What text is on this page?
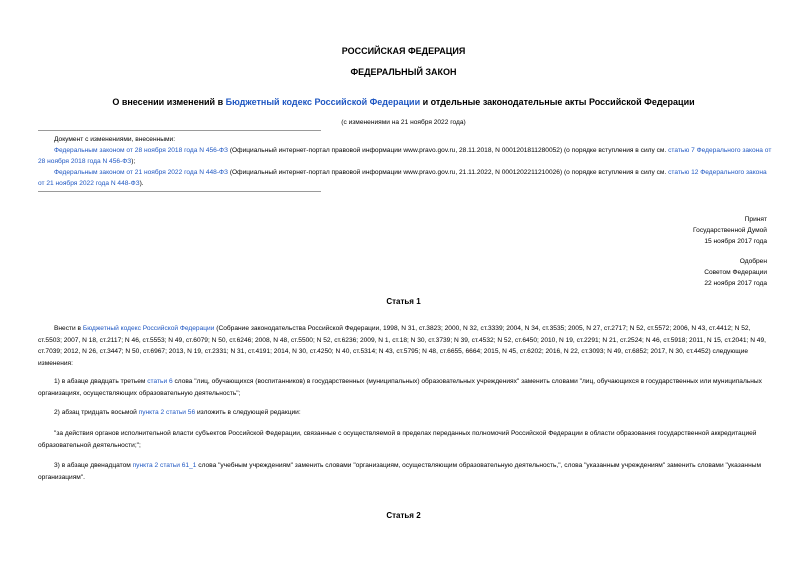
РОССИЙСКАЯ ФЕДЕРАЦИЯ
ФЕДЕРАЛЬНЫЙ ЗАКОН
О внесении изменений в Бюджетный кодекс Российской Федерации и отдельные законодательные акты Российской Федерации
(с изменениями на 21 ноября 2022 года)
Документ с изменениями, внесенными:
Федеральным законом от 28 ноября 2018 года N 456-ФЗ (Официальный интернет-портал правовой информации www.pravo.gov.ru, 28.11.2018, N 0001201811280052) (о порядке вступления в силу см. статью 7 Федерального закона от 28 ноября 2018 года N 456-ФЗ);
Федеральным законом от 21 ноября 2022 года N 448-ФЗ (Официальный интернет-портал правовой информации www.pravo.gov.ru, 21.11.2022, N 0001202211210026) (о порядке вступления в силу см. статью 12 Федерального закона от 21 ноября 2022 года N 448-ФЗ).
Принят
Государственной Думой
15 ноября 2017 года
Одобрен
Советом Федерации
22 ноября 2017 года
Статья 1
Внести в Бюджетный кодекс Российской Федерации (Собрание законодательства Российской Федерации, 1998, N 31, ст.3823; 2000, N 32, ст.3339; 2004, N 34, ст.3535; 2005, N 27, ст.2717; N 52, ст.5572; 2006, N 43, ст.4412; N 52, ст.5503; 2007, N 18, ст.2117; N 46, ст.5553; N 49, ст.6079; N 50, ст.6246; 2008, N 48, ст.5500; N 52, ст.6236; 2009, N 1, ст.18; N 30, ст.3739; N 39, ст.4532; N 52, ст.6450; 2010, N 19, ст.2291; N 21, ст.2524; N 46, ст.5918; 2011, N 15, ст.2041; N 49, ст.7039; 2012, N 26, ст.3447; N 50, ст.6967; 2013, N 19, ст.2331; N 31, ст.4191; 2014, N 30, ст.4250; N 40, ст.5314; N 43, ст.5795; N 48, ст.6655, 6664; 2015, N 45, ст.6202; 2016, N 22, ст.3093; N 49, ст.6852; 2017, N 30, ст.4452) следующие изменения:
1) в абзаце двадцать третьем статьи 6 слова "лиц, обучающихся (воспитанников) в государственных (муниципальных) образовательных учреждениях" заменить словами "лиц, обучающихся в государственных или муниципальных организациях, осуществляющих образовательную деятельность";
2) абзац тридцать восьмой пункта 2 статьи 56 изложить в следующей редакции:
"за действия органов исполнительной власти субъектов Российской Федерации, связанные с осуществляемой в пределах переданных полномочий Российской Федерации в области образования государственной аккредитацией образовательной деятельности;";
3) в абзаце двенадцатом пункта 2 статьи 61_1 слова "учебным учреждениям" заменить словами "организациям, осуществляющим образовательную деятельность,", слова "указанным учреждениям" заменить словами "указанным организациям".
Статья 2
